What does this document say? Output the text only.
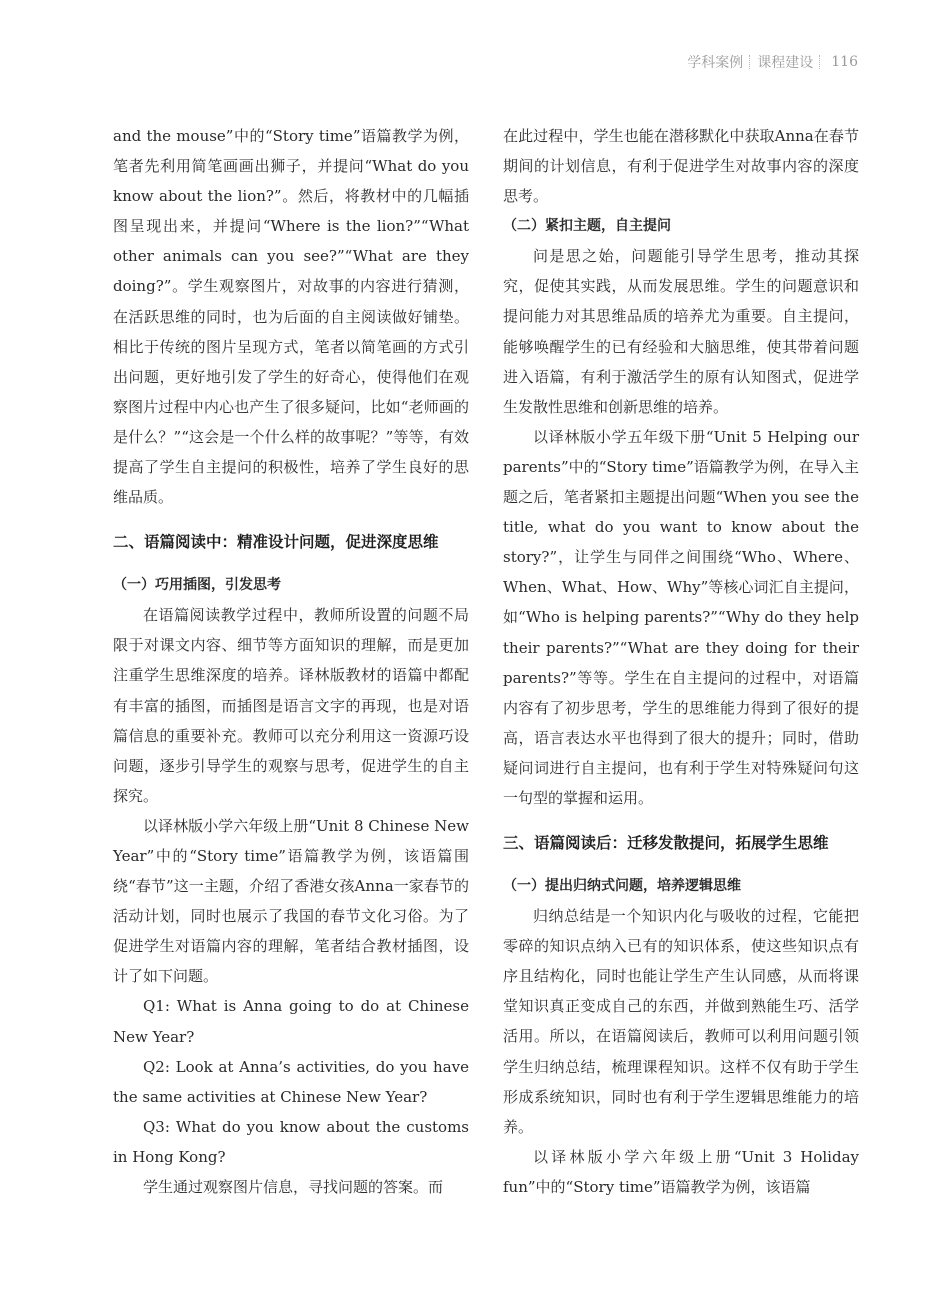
学科案例 课程建设 116

and the mouse”中的“Story time”语篇教学为例，笔者先利用简笔画画出狮子，并提问“What do you know about the lion?”。然后，将教材中的几幅插图呈现出来，并提问“Where is the lion?”“What other animals can you see?”“What are they doing?”。学生观察图片，对故事的内容进行猜测，在活跃思维的同时，也为后面的自主阅读做好铺垫。相比于传统的图片呈现方式，笔者以简笔画的方式引出问题，更好地引发了学生的好奇心，使得他们在观察图片过程中内心也产生了很多疑问，比如“老师画的是什么？”“这会是一个什么样的故事呢？”等等，有效提高了学生自主提问的积极性，培养了学生良好的思维品质。

二、语篇阅读中：精准设计问题，促进深度思维
（一）巧用插图，引发思考

在语篇阅读教学过程中，教师所设置的问题不局限于对课文内容、细节等方面知识的理解，而是更加注重学生思维深度的培养。译林版教材的语篇中都配有丰富的插图，而插图是语言文字的再现，也是对语篇信息的重要补充。教师可以充分利用这一资源巧设问题，逐步引导学生的观察与思考，促进学生的自主探究。

以译林版小学六年级上册“Unit 8 Chinese New Year”中的“Story time”语篇教学为例，该语篇围绕“春节”这一主题，介绍了香港女孩Anna一家春节的活动计划，同时也展示了我国的春节文化习俗。为了促进学生对语篇内容的理解，笔者结合教材插图，设计了如下问题。

Q1: What is Anna going to do at Chinese New Year?

Q2: Look at Anna’s activities, do you have the same activities at Chinese New Year?

Q3: What do you know about the customs in Hong Kong?

学生通过观察图片信息，寻找问题的答案。而

在此过程中，学生也能在潜移默化中获取Anna在春节期间的计划信息，有利于促进学生对故事内容的深度思考。

（二）紧扣主题，自主提问

问是思之始，问题能引导学生思考，推动其探究，促使其实践，从而发展思维。学生的问题意识和提问能力对其思维品质的培养尤为重要。自主提问，能够唤醒学生的已有经验和大脑思维，使其带着问题进入语篇，有利于激活学生的原有认知图式，促进学生发散性思维和创新思维的培养。

以译林版小学五年级下册“Unit 5 Helping our parents”中的“Story time”语篇教学为例，在导入主题之后，笔者紧扣主题提出问题“When you see the title, what do you want to know about the story?”，让学生与同伴之间围绕“Who、Where、When、What、How、Why”等核心词汇自主提问，如“Who is helping parents?”“Why do they help their parents?”“What are they doing for their parents?”等等。学生在自主提问的过程中，对语篇内容有了初步思考，学生的思维能力得到了很好的提高，语言表达水平也得到了很大的提升；同时，借助疑问词进行自主提问，也有利于学生对特殊疑问句这一句型的掌握和运用。

三、语篇阅读后：迁移发散提问，拓展学生思维
（一）提出归纳式问题，培养逻辑思维

归纳总结是一个知识内化与吸收的过程，它能把零碎的知识点纳入已有的知识体系，使这些知识点有序且结构化，同时也能让学生产生认同感，从而将课堂知识真正变成自己的东西，并做到熟能生巧、活学活用。所以，在语篇阅读后，教师可以利用问题引领学生归纳总结，梳理课程知识。这样不仅有助于学生形成系统知识，同时也有利于学生逻辑思维能力的培养。

以译林版小学六年级上册“Unit 3 Holiday fun”中的“Story time”语篇教学为例，该语篇
